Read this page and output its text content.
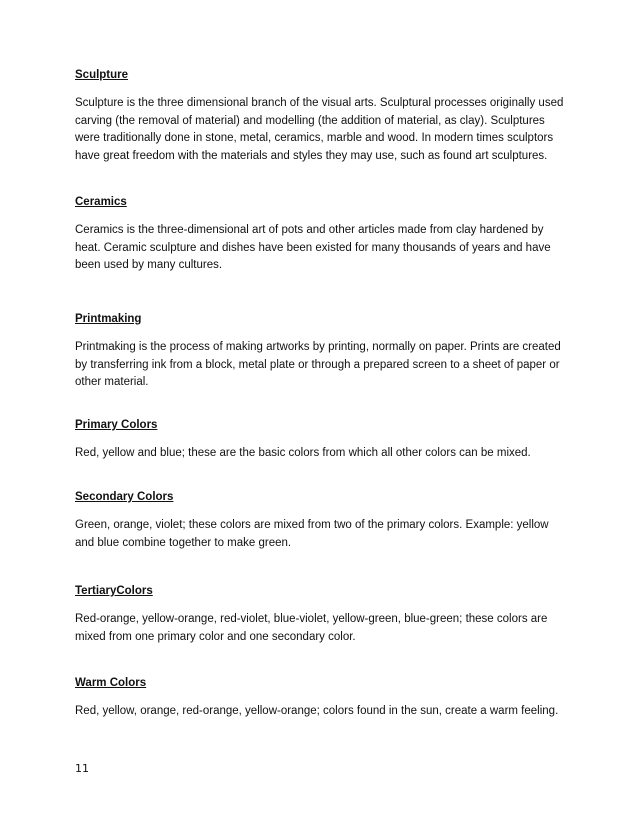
Sculpture

Sculpture is the three dimensional branch of the visual arts. Sculptural processes originally used
carving (the removal of material) and modelling (the addition of material, as clay). Sculptures
were traditionally done in stone, metal, ceramics, marble and wood. In modern times sculptors
have great freedom with the materials and styles they may use, such as found art sculptures.

Ceramics

Ceramics is the three-dimensional art of pots and other articles made from clay hardened by
heat. Ceramic sculpture and dishes have been existed for many thousands of years and have
been used by many cultures.

Printmaking

Printmaking is the process of making artworks by printing, normally on paper. Prints are created
by transferring ink from a block, metal plate or through a prepared screen to a sheet of paper or
other material.

Primary Colors

Red, yellow and blue; these are the basic colors from which all other colors can be mixed.

Secondary Colors

Green, orange, violet; these colors are mixed from two of the primary colors. Example: yellow
and blue combine together to make green.

TertiaryColors

Red-orange, yellow-orange, red-violet, blue-violet, yellow-green, blue-green; these colors are
mixed from one primary color and one secondary color.

Warm Colors

Red, yellow, orange, red-orange, yellow-orange; colors found in the sun, create a warm feeling.

11
